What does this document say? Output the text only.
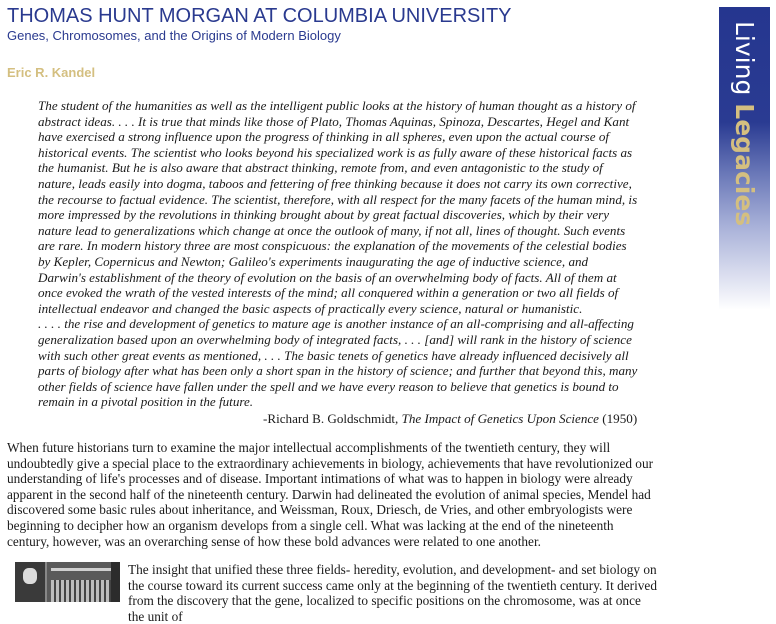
THOMAS HUNT MORGAN AT COLUMBIA UNIVERSITY
Genes, Chromosomes, and the Origins of Modern Biology
Eric R. Kandel

The student of the humanities as well as the intelligent public looks at the history of human thought as a history of abstract ideas. . . . It is true that minds like those of Plato, Thomas Aquinas, Spinoza, Descartes, Hegel and Kant have exercised a strong influence upon the progress of thinking in all spheres, even upon the actual course of historical events. The scientist who looks beyond his specialized work is as fully aware of these historical facts as the humanist. But he is also aware that abstract thinking, remote from, and even antagonistic to the study of nature, leads easily into dogma, taboos and fettering of free thinking because it does not carry its own corrective, the recourse to factual evidence. The scientist, therefore, with all respect for the many facets of the human mind, is more impressed by the revolutions in thinking brought about by great factual discoveries, which by their very nature lead to generalizations which change at once the outlook of many, if not all, lines of thought. Such events are rare. In modern history three are most conspicuous: the explanation of the movements of the celestial bodies by Kepler, Copernicus and Newton; Galileo's experiments inaugurating the age of inductive science, and Darwin's establishment of the theory of evolution on the basis of an overwhelming body of facts. All of them at once evoked the wrath of the vested interests of the mind; all conquered within a generation or two all fields of intellectual endeavor and changed the basic aspects of practically every science, natural or humanistic.

. . . . the rise and development of genetics to mature age is another instance of an all-comprising and all-affecting generalization based upon an overwhelming body of integrated facts, . . . [and] will rank in the history of science with such other great events as mentioned, . . . The basic tenets of genetics have already influenced decisively all parts of biology after what has been only a short span in the history of science; and further that beyond this, many other fields of science have fallen under the spell and we have every reason to believe that genetics is bound to remain in a pivotal position in the future.

-Richard B. Goldschmidt, The Impact of Genetics Upon Science (1950)

When future historians turn to examine the major intellectual accomplishments of the twentieth century, they will undoubtedly give a special place to the extraordinary achievements in biology, achievements that have revolutionized our understanding of life's processes and of disease. Important intimations of what was to happen in biology were already apparent in the second half of the nineteenth century. Darwin had delineated the evolution of animal species, Mendel had discovered some basic rules about inheritance, and Weissman, Roux, Driesch, de Vries, and other embryologists were beginning to decipher how an organism develops from a single cell. What was lacking at the end of the nineteenth century, however, was an overarching sense of how these bold advances were related to one another.

The insight that unified these three fields- heredity, evolution, and development- and set biology on the course toward its current success came only at the beginning of the twentieth century. It derived from the discovery that the gene, localized to specific positions on the chromosome, was at once the unit of

Living Legacies
